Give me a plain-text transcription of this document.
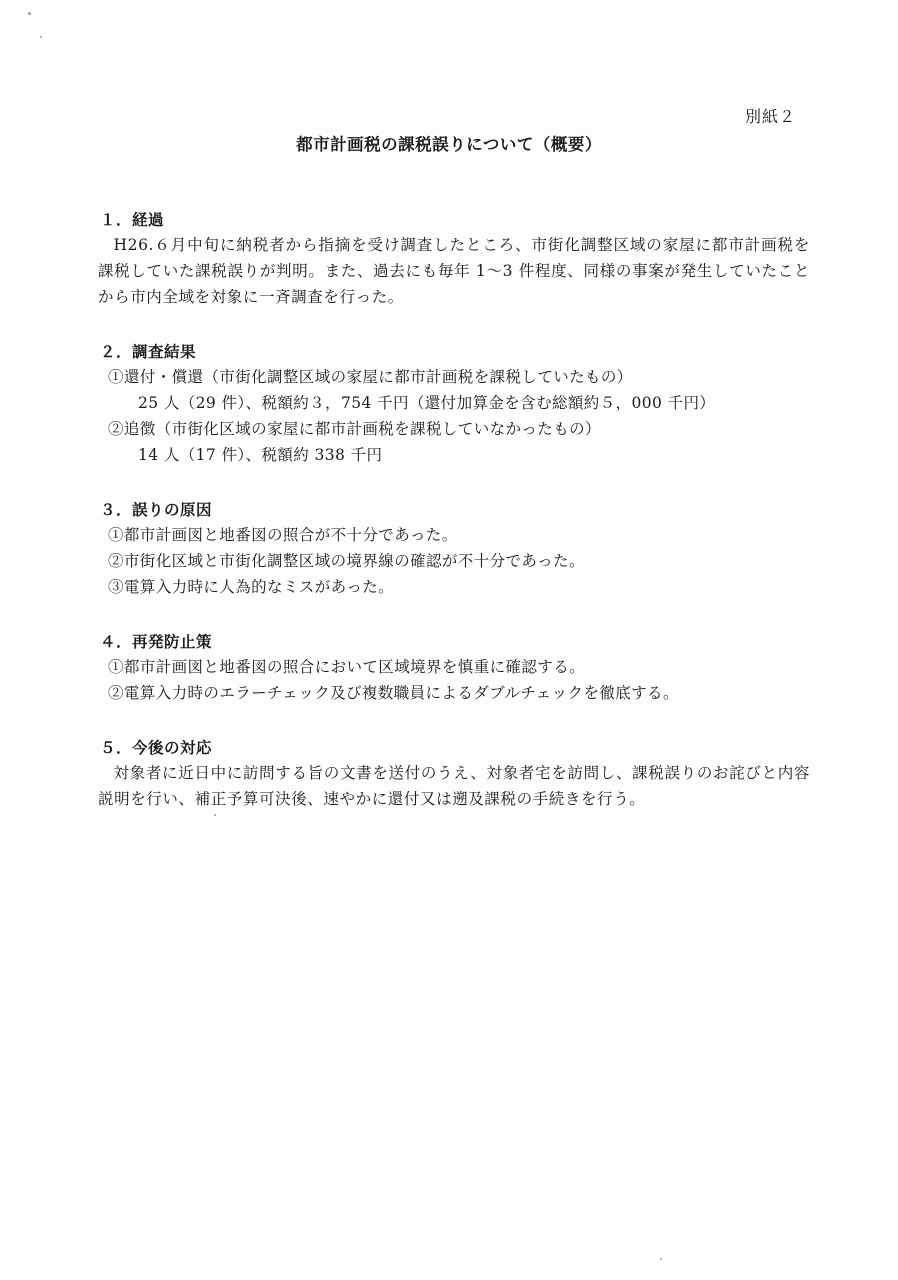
別紙２
都市計画税の課税誤りについて（概要）
１．経過
H26.６月中旬に納税者から指摘を受け調査したところ、市街化調整区域の家屋に都市計画税を課税していた課税誤りが判明。また、過去にも毎年 1～3 件程度、同様の事案が発生していたことから市内全域を対象に一斉調査を行った。
２．調査結果
①還付・償還（市街化調整区域の家屋に都市計画税を課税していたもの）
25 人（29 件）、税額約３，754 千円（還付加算金を含む総額約５，000 千円）
②追徴（市街化区域の家屋に都市計画税を課税していなかったもの）
14 人（17 件）、税額約 338 千円
３．誤りの原因
①都市計画図と地番図の照合が不十分であった。
②市街化区域と市街化調整区域の境界線の確認が不十分であった。
③電算入力時に人為的なミスがあった。
４．再発防止策
①都市計画図と地番図の照合において区域境界を慎重に確認する。
②電算入力時のエラーチェック及び複数職員によるダブルチェックを徹底する。
５．今後の対応
対象者に近日中に訪問する旨の文書を送付のうえ、対象者宅を訪問し、課税誤りのお詫びと内容説明を行い、補正予算可決後、速やかに還付又は遡及課税の手続きを行う。
